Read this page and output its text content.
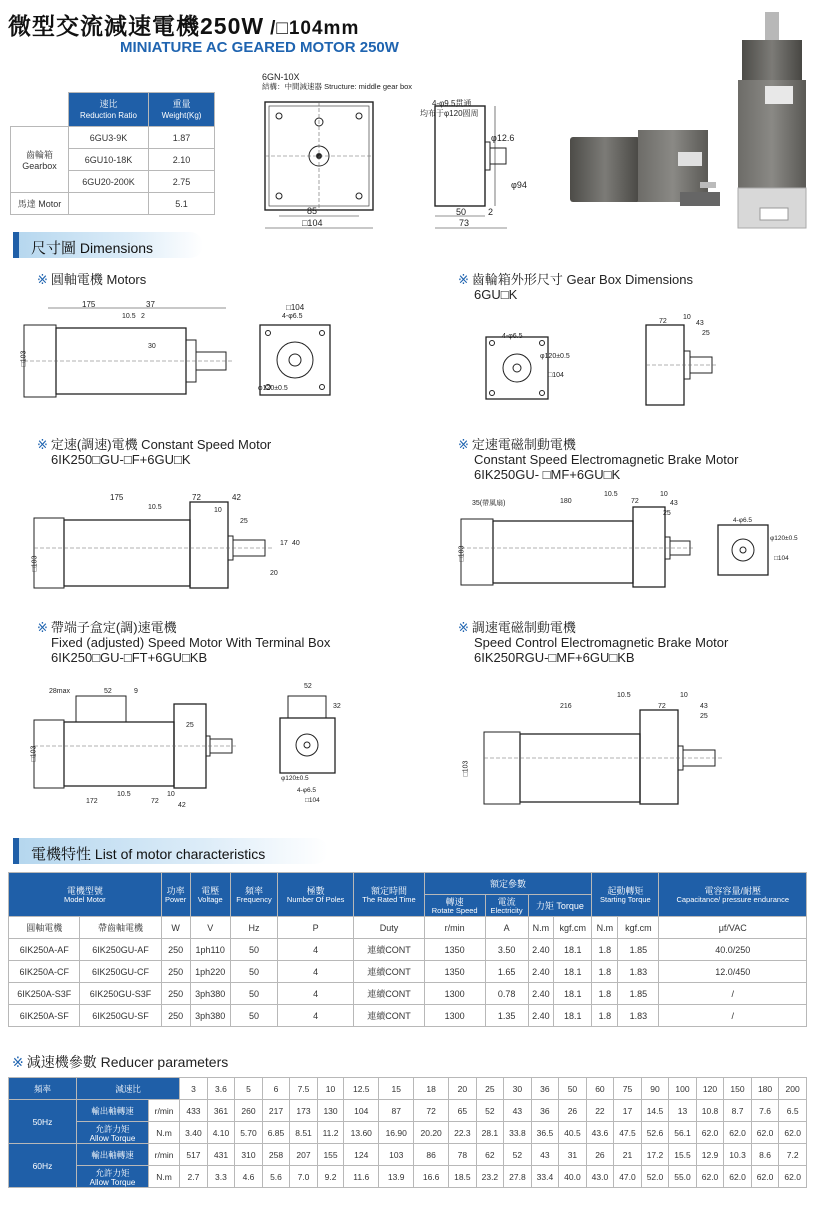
微型交流減速電機250W /□104mm
MINIATURE AC GEARED MOTOR 250W
	速比
Reduction Ratio	重量
Weight(Kg)

齒輪箱
Gearbox	6GU3-9K	1.87
	6GU10-18K	2.10
	6GU20-200K	2.75
馬達 Motor		5.1
6GN-10X
結構：中間減速器 Structure: middle gear box
85
□104
4-φ9.5贯通
均布于φ120圆周
φ12.6
φ94
50 2
73
尺寸圖 Dimensions
※ 圓軸電機 Motors
175	37
10.5 2
30
□103
□104
4-φ6.5
φ120±0.5
※ 齒輪箱外形尺寸 Gear Box Dimensions
6GU□K
72
10
43
25
4-φ6.5
φ120±0.5
□104
※ 定速(調速)電機 Constant Speed Motor
6IK250□GU-□F+6GU□K
175	72	42
10.5	10
25
□103
17
20
40
※ 定速電磁制動電機
Constant Speed Electromagnetic Brake Motor
6IK250GU- □MF+6GU□K
35(帶風扇)	180
10.5
72
10
43
25
□103
4-φ6.5
φ120±0.5
□104
※ 帶端子盒定(調)速電機
Fixed (adjusted) Speed Motor With Terminal Box
6IK250□GU-□FT+6GU□KB
28max	52	9
25
□103
172
10.5
72
10
42
52
32
φ120±0.5
4-φ6.5
□104
※ 調速電磁制動電機
Speed Control Electromagnetic Brake Motor
6IK250RGU-□MF+6GU□KB
216
10.5
72
10
43
25
□103
電機特性 List of motor characteristics
電機型號
Model Motor		功率
Power	電壓
Voltage	頻率
Frequency	極數
Number Of Poles	額定時間
The Rated Time	額定參數				起動轉矩
Starting Torque		電容容量/耐壓
Capacitance/ pressure endurance

							轉速
Rotate Speed	電流
Electricity	力矩 Torque				
圓軸電機	帶齒軸電機	W	V	Hz	P	Duty	r/min	A	N.m	kgf.cm	N.m	kgf.cm	μf/VAC
6IK250A-AF	6IK250GU-AF	250	1ph110	50	4	連續CONT	1350	3.50	2.40	18.1	1.8	1.85	40.0/250
6IK250A-CF	6IK250GU-CF	250	1ph220	50	4	連續CONT	1350	1.65	2.40	18.1	1.8	1.83	12.0/450
6IK250A-S3F	6IK250GU-S3F	250	3ph380	50	4	連續CONT	1300	0.78	2.40	18.1	1.8	1.85	/
6IK250A-SF	6IK250GU-SF	250	3ph380	50	4	連續CONT	1300	1.35	2.40	18.1	1.8	1.83	/
※ 減速機參數 Reducer parameters
頻率	減速比		3	3.6	5	6	7.5	10	12.5	15	18	20	25	30	36	50	60	75	90	100	120	150	180	200
50Hz	輸出軸轉速	r/min	433	361	260	217	173	130	104	87	72	65	52	43	36	26	22	17	14.5	13	10.8	8.7	7.6	6.5
	允許力矩
Allow Torque	N.m	3.40	4.10	5.70	6.85	8.51	11.2	13.60	16.90	20.20	22.3	28.1	33.8	36.5	40.5	43.6	47.5	52.6	56.1	62.0	62.0	62.0	62.0
60Hz	輸出軸轉速	r/min	517	431	310	258	207	155	124	103	86	78	62	52	43	31	26	21	17.2	15.5	12.9	10.3	8.6	7.2
	允許力矩
Allow Torque	N.m	2.7	3.3	4.6	5.6	7.0	9.2	11.6	13.9	16.6	18.5	23.2	27.8	33.4	40.0	43.0	47.0	52.0	55.0	62.0	62.0	62.0	62.0
